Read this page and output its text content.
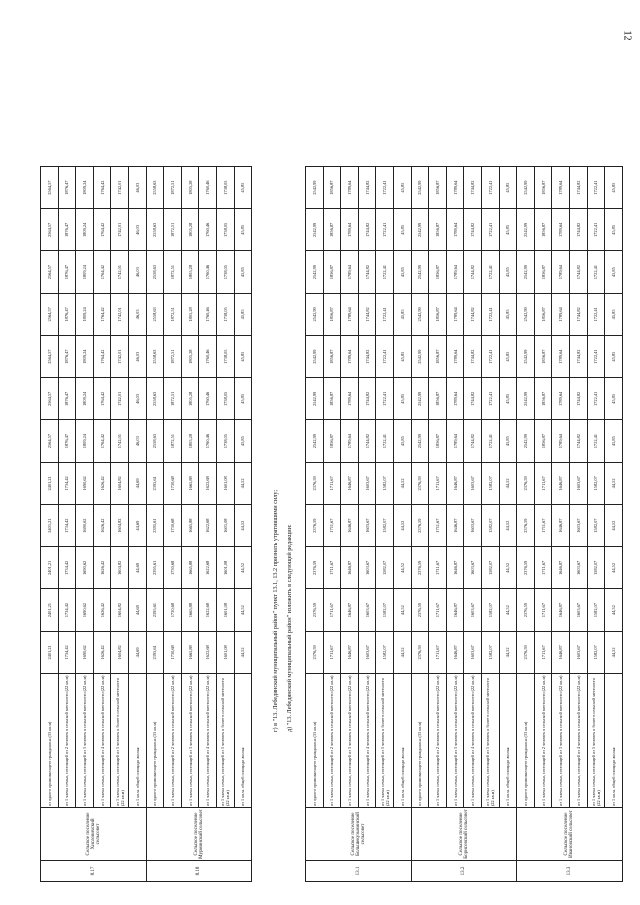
12
8.17	Сельское поселение Хисловичский сельсовет	из одного проживающего гражданина (33 кв.м)	2401,21	2401,21	2401,21	2401,21	2401,21	2564,57	2564,57	2564,57	2564,57	2564,57	2564,57	2564,57
		из 1 члена семьи, состоящей из 2 человек в сельской местности (22 кв.м)	1734,42	1734,42	1734,42	1734,42	1734,42	1876,47	1876,47	1876,47	1876,47	1876,47	1876,47	1876,47
		из 1 члена семьи, состоящей из 3 человек в сельской местности (22 кв.м)	1690,62	1690,62	1690,62	1690,62	1690,62	1809,24	1809,24	1809,24	1809,24	1809,24	1809,24	1809,24
		из 1 члена семьи, состоящей из 4 человек в сельской местности (22 кв.м)	1626,42	1626,42	1626,42	1626,42	1626,42	1764,42	1764,42	1764,42	1764,42	1764,42	1764,42	1764,42
		из 1 члена семьи, состоящей из 5 человек и более в сельской местности (22 кв.м)	1604,82	1604,82	1604,82	1604,82	1604,82	1742,01	1742,01	1742,01	1742,01	1742,01	1742,01	1742,01
		из 1 кв.м. общей площади жилья	44,69	44,69	44,69	44,69	44,69	46,03	46,03	46,03	46,03	46,03	46,03	46,03
8.18	Сельское поселение Мурминский сельсовет	из одного проживающего гражданина (33 кв.м)	2395,61	2395,61	2395,61	2395,61	2395,61	2558,63	2558,63	2558,63	2558,63	2558,63	2558,63	2558,63
		из 1 члена семьи, состоящей из 2 человек в сельской местности (22 кв.м)	1730,68	1730,68	1730,68	1730,68	1730,68	1872,51	1872,51	1872,51	1872,51	1872,51	1872,51	1872,51
		из 1 члена семьи, состоящей из 3 человек в сельской местности (22 кв.м)	1665,88	1665,88	1665,88	1665,88	1665,88	1805,28	1805,28	1805,28	1805,28	1805,28	1805,28	1805,28
		из 1 члена семьи, состоящей из 4 человек в сельской местности (22 кв.м)	1622,68	1622,68	1622,68	1622,68	1622,68	1760,46	1760,46	1760,46	1760,46	1760,46	1760,46	1760,46
		из 1 члена семьи, состоящей из 5 человек и более в сельской местности (22 кв.м)	1601,08	1601,08	1601,08	1601,08	1601,08	1738,05	1738,05	1738,05	1738,05	1738,05	1738,05	1738,05
		из 1 кв.м. общей площади жилья	44,52	44,52	44,52	44,52	44,52	45,85	45,85	45,85	45,85	45,85	45,85	45,85
г) в "13. Лебедянский муниципальный район" пункт 13.1, 13.2 признать утратившими силу; д) "13. Лебедянский муниципальный район" изложить в следующей редакции:
13.1	Сельское поселение Большекузьминский сельсовет	из одного проживающего гражданина (33 кв.м)	2376,59	2376,59	2376,59	2376,59	2376,59	2542,99	2542,99	2542,99	2542,99	2542,99	2542,99	2542,99
		из 1 члена семьи, состоящей из 2 человек в сельской местности (22 кв.м)	1711,67	1711,67	1711,67	1711,67	1711,67	1856,87	1856,87	1856,87	1856,87	1856,87	1856,87	1856,87
		из 1 члена семьи, состоящей из 3 человек в сельской местности (22 кв.м)	1646,87	1646,87	1646,87	1646,87	1646,87	1789,64	1789,64	1789,64	1789,64	1789,64	1789,64	1789,64
		из 1 члена семьи, состоящей из 4 человек в сельской местности (22 кв.м)	1603,67	1603,67	1603,67	1603,67	1603,67	1744,82	1744,82	1744,82	1744,82	1744,82	1744,82	1744,82
		из 1 члена семьи, состоящей из 5 человек и более в сельской местности (22 кв.м)	1582,07	1582,07	1582,07	1582,07	1582,07	1722,41	1722,41	1722,41	1722,41	1722,41	1722,41	1722,41
		из 1 кв.м. общей площади жилья	44,52	44,52	44,52	44,52	44,52	45,85	45,85	45,85	45,85	45,85	45,85	45,85
13.2	Сельское поселение Борисовский сельсовет	из одного проживающего гражданина (33 кв.м)	2376,59	2376,59	2376,59	2376,59	2376,59	2542,99	2542,99	2542,99	2542,99	2542,99	2542,99	2542,99
		из 1 члена семьи, состоящей из 2 человек в сельской местности (22 кв.м)	1711,67	1711,67	1711,67	1711,67	1711,67	1856,87	1856,87	1856,87	1856,87	1856,87	1856,87	1856,87
		из 1 члена семьи, состоящей из 3 человек в сельской местности (22 кв.м)	1646,87	1646,87	1646,87	1646,87	1646,87	1789,64	1789,64	1789,64	1789,64	1789,64	1789,64	1789,64
		из 1 члена семьи, состоящей из 4 человек в сельской местности (22 кв.м)	1603,67	1603,67	1603,67	1603,67	1603,67	1744,82	1744,82	1744,82	1744,82	1744,82	1744,82	1744,82
		из 1 члена семьи, состоящей из 5 человек и более в сельской местности (22 кв.м)	1582,07	1582,07	1582,07	1582,07	1582,07	1722,41	1722,41	1722,41	1722,41	1722,41	1722,41	1722,41
		из 1 кв.м. общей площади жилья	44,52	44,52	44,52	44,52	44,52	45,85	45,85	45,85	45,85	45,85	45,85	45,85
13.3	Сельское поселение Ивановский сельсовет	из одного проживающего гражданина (33 кв.м)	2376,59	2376,59	2376,59	2376,59	2376,59	2542,99	2542,99	2542,99	2542,99	2542,99	2542,99	2542,99
		из 1 члена семьи, состоящей из 2 человек в сельской местности (22 кв.м)	1711,67	1711,67	1711,67	1711,67	1711,67	1856,87	1856,87	1856,87	1856,87	1856,87	1856,87	1856,87
		из 1 члена семьи, состоящей из 3 человек в сельской местности (22 кв.м)	1646,87	1646,87	1646,87	1646,87	1646,87	1789,64	1789,64	1789,64	1789,64	1789,64	1789,64	1789,64
		из 1 члена семьи, состоящей из 4 человек в сельской местности (22 кв.м)	1603,67	1603,67	1603,67	1603,67	1603,67	1744,82	1744,82	1744,82	1744,82	1744,82	1744,82	1744,82
		из 1 члена семьи, состоящей из 5 человек и более в сельской местности (22 кв.м)	1582,07	1582,07	1582,07	1582,07	1582,07	1722,41	1722,41	1722,41	1722,41	1722,41	1722,41	1722,41
		из 1 кв.м. общей площади жилья	44,52	44,52	44,52	44,52	44,52	45,85	45,85	45,85	45,85	45,85	45,85	45,85
